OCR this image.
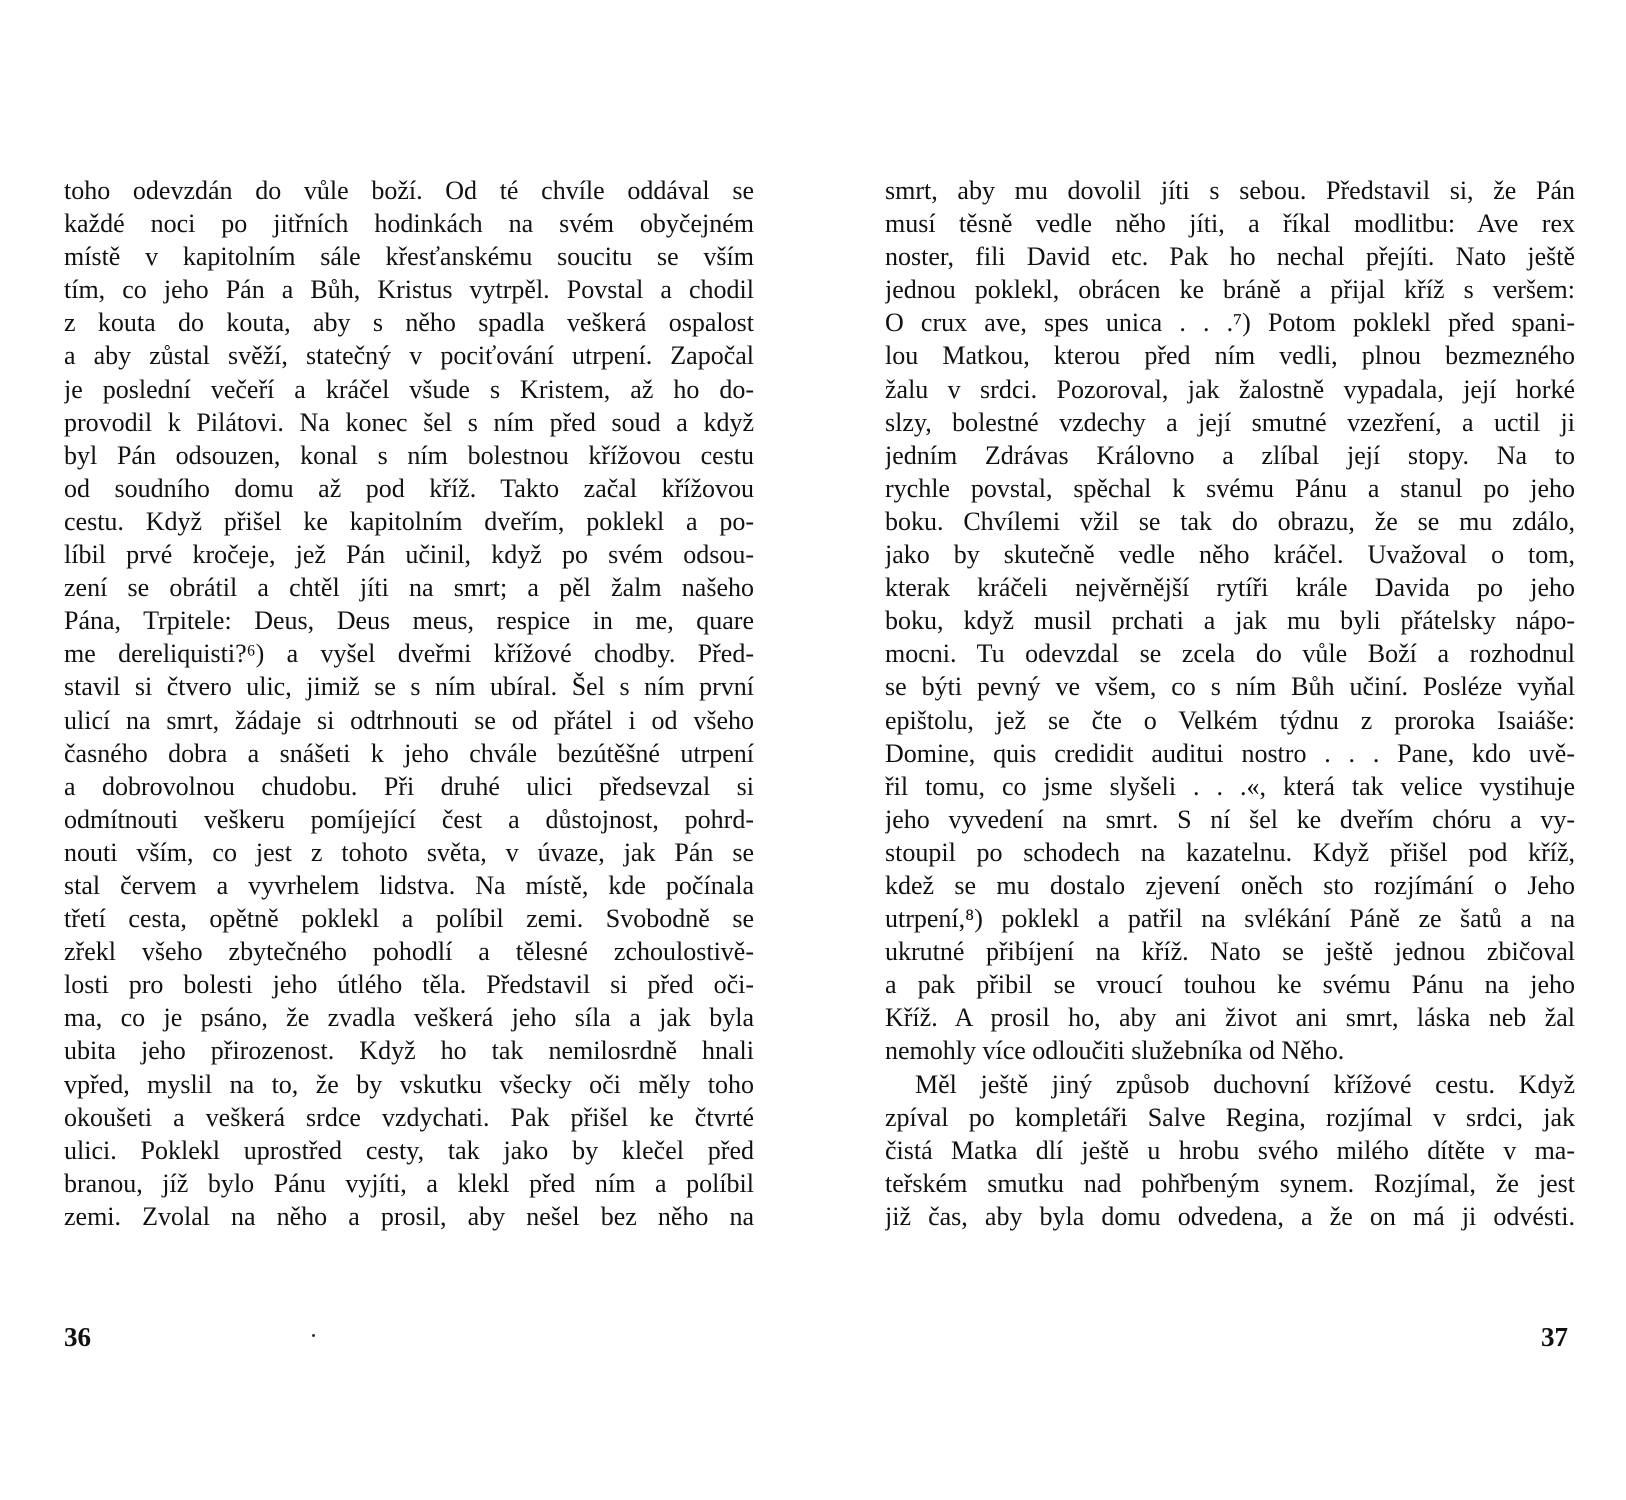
toho odevzdán do vůle boží. Od té chvíle oddával se
každé noci po jitřních hodinkách na svém obyčejném
místě v kapitolním sále křesťanskému soucitu se vším
tím, co jeho Pán a Bůh, Kristus vytrpěl. Povstal a chodil
z kouta do kouta, aby s něho spadla veškerá ospalost
a aby zůstal svěží, statečný v pociťování utrpení. Započal
je poslední večeří a kráčel všude s Kristem, až ho do-
provodil k Pilátovi. Na konec šel s ním před soud a když
byl Pán odsouzen, konal s ním bolestnou křížovou cestu
od soudního domu až pod kříž. Takto začal křížovou
cestu. Když přišel ke kapitolním dveřím, poklekl a po-
líbil prvé kročeje, jež Pán učinil, když po svém odsou-
zení se obrátil a chtěl jíti na smrt; a pěl žalm našeho
Pána, Trpitele: Deus, Deus meus, respice in me, quare
me dereliquisti?⁶) a vyšel dveřmi křížové chodby. Před-
stavil si čtvero ulic, jimiž se s ním ubíral. Šel s ním první
ulicí na smrt, žádaje si odtrhnouti se od přátel i od všeho
časného dobra a snášeti k jeho chvále bezútěšné utrpení
a dobrovolnou chudobu. Při druhé ulici předsevzal si
odmítnouti veškeru pomíjející čest a důstojnost, pohrd-
nouti vším, co jest z tohoto světa, v úvaze, jak Pán se
stal červem a vyvrhelem lidstva. Na místě, kde počínala
třetí cesta, opětně poklekl a políbil zemi. Svobodně se
zřekl všeho zbytečného pohodlí a tělesné zchoulostivě-
losti pro bolesti jeho útlého těla. Představil si před oči-
ma, co je psáno, že zvadla veškerá jeho síla a jak byla
ubita jeho přirozenost. Když ho tak nemilosrdně hnali
vpřed, myslil na to, že by vskutku všecky oči měly toho
okoušeti a veškerá srdce vzdychati. Pak přišel ke čtvrté
ulici. Poklekl uprostřed cesty, tak jako by klečel před
branou, jíž bylo Pánu vyjíti, a klekl před ním a políbil
zemi. Zvolal na něho a prosil, aby nešel bez něho na
36
smrt, aby mu dovolil jíti s sebou. Představil si, že Pán
musí těsně vedle něho jíti, a říkal modlitbu: Ave rex
noster, fili David etc. Pak ho nechal přejíti. Nato ještě
jednou poklekl, obrácen ke bráně a přijal kříž s veršem:
O crux ave, spes unica . . .⁷) Potom poklekl před spani-
lou Matkou, kterou před ním vedli, plnou bezmezného
žalu v srdci. Pozoroval, jak žalostně vypadala, její horké
slzy, bolestné vzdechy a její smutné vzezření, a uctil ji
jedním Zdrávas Královno a zlíbal její stopy. Na to
rychle povstal, spěchal k svému Pánu a stanul po jeho
boku. Chvílemi vžil se tak do obrazu, že se mu zdálo,
jako by skutečně vedle něho kráčel. Uvažoval o tom,
kterak kráčeli nejvěrnější rytíři krále Davida po jeho
boku, když musil prchati a jak mu byli přátelsky nápo-
mocni. Tu odevzdal se zcela do vůle Boží a rozhodnul
se býti pevný ve všem, co s ním Bůh učiní. Posléze vyňal
epištolu, jež se čte o Velkém týdnu z proroka Isaiáše:
Domine, quis credidit auditui nostro . . . Pane, kdo uvě-
řil tomu, co jsme slyšeli . . .«, která tak velice vystihuje
jeho vyvedení na smrt. S ní šel ke dveřím chóru a vy-
stoupil po schodech na kazatelnu. Když přišel pod kříž,
kdež se mu dostalo zjevení oněch sto rozjímání o Jeho
utrpení,⁸) poklekl a patřil na svlékání Páně ze šatů a na
ukrutné přibíjení na kříž. Nato se ještě jednou zbičoval
a pak přibil se vroucí touhou ke svému Pánu na jeho
Kříž. A prosil ho, aby ani život ani smrt, láska neb žal
nemohly více odloučiti služebníka od Něho.
Měl ještě jiný způsob duchovní křížové cestu. Když
zpíval po kompletáři Salve Regina, rozjímal v srdci, jak
čistá Matka dlí ještě u hrobu svého milého dítěte v ma-
teřském smutku nad pohřbeným synem. Rozjímal, že jest
již čas, aby byla domu odvedena, a že on má ji odvésti.
37
